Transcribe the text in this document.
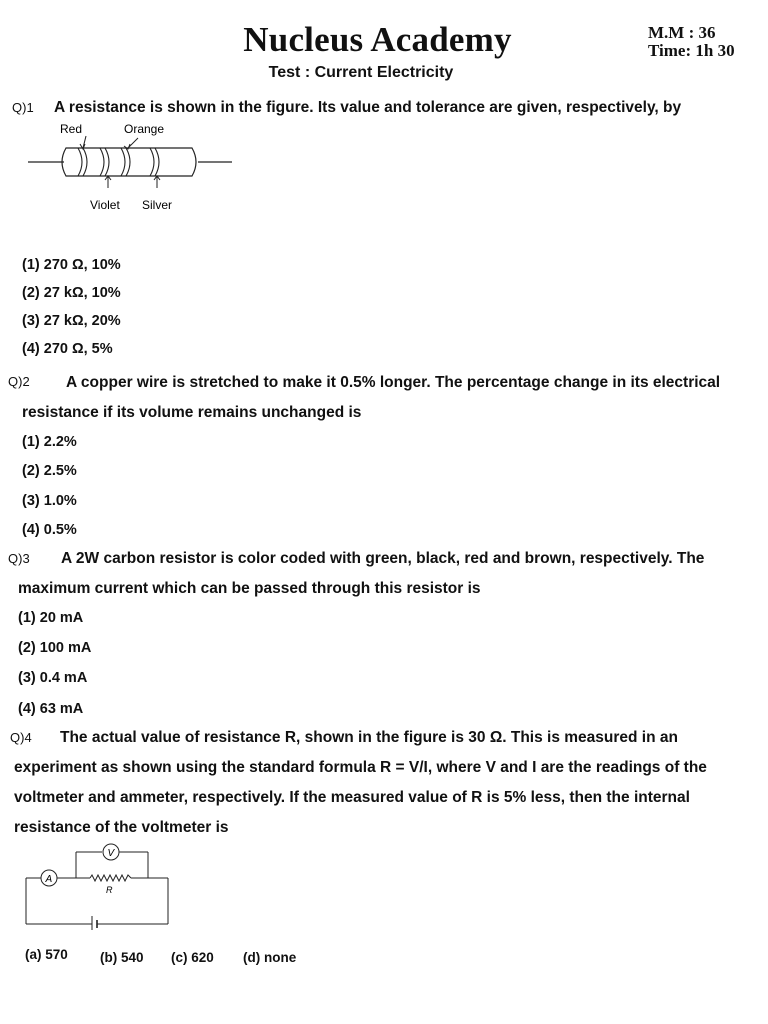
Nucleus Academy
Test : Current Electricity
M.M : 36
Time: 1h 30
Q)1 A resistance is shown in the figure. Its value and tolerance are given, respectively, by
Red	Orange
Violet Silver
(1) 270 Ω, 10%
(2) 27 kΩ, 10%
(3) 27 kΩ, 20%
(4) 270 Ω, 5%
Q)2 A copper wire is stretched to make it 0.5% longer. The percentage change in its electrical
resistance if its volume remains unchanged is
(1) 2.2%
(2) 2.5%
(3) 1.0%
(4) 0.5%
Q)3 A 2W carbon resistor is color coded with green, black, red and brown, respectively. The
maximum current which can be passed through this resistor is
(1) 20 mA
(2) 100 mA
(3) 0.4 mA
(4) 63 mA
Q)4 The actual value of resistance R, shown in the figure is 30 Ω. This is measured in an
experiment as shown using the standard formula R = V/I, where V and I are the readings of the
voltmeter and ammeter, respectively. If the measured value of R is 5% less, then the internal
resistance of the voltmeter is
V
A
R
(a) 570 (b) 540 (c) 620 (d) none
